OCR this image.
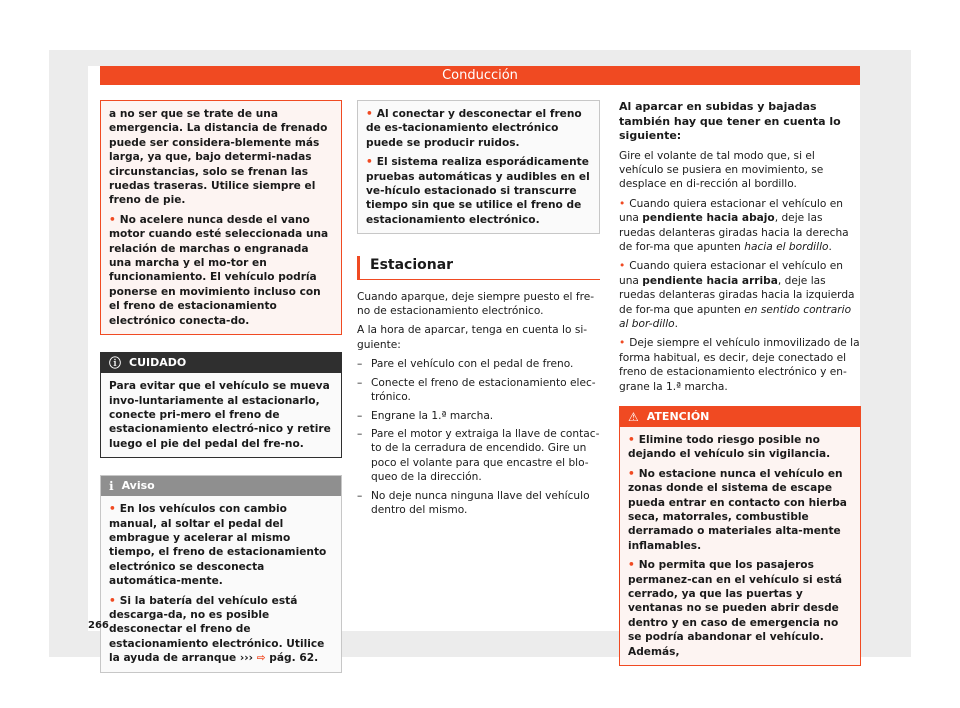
Conducción

a no ser que se trate de una emergencia. La distancia de frenado puede ser considera-blemente más larga, ya que, bajo determi-nadas circunstancias, solo se frenan las ruedas traseras. Utilice siempre el freno de pie.

• No acelere nunca desde el vano motor cuando esté seleccionada una relación de marchas o engranada una marcha y el mo-tor en funcionamiento. El vehículo podría ponerse en movimiento incluso con el freno de estacionamiento electrónico conecta-do.

ⓘ CUIDADO
Para evitar que el vehículo se mueva invo-luntariamente al estacionarlo, conecte pri-mero el freno de estacionamiento electró-nico y retire luego el pie del pedal del fre-no.
ℹ Aviso

• En los vehículos con cambio manual, al soltar el pedal del embrague y acelerar al mismo tiempo, el freno de estacionamiento electrónico se desconecta automática-mente.

• Si la batería del vehículo está descarga-da, no es posible desconectar el freno de estacionamiento electrónico. Utilice la ayuda de arranque ››› ⇨ pág. 62.

• Al conectar y desconectar el freno de es-tacionamiento electrónico puede se producir ruidos.

• El sistema realiza esporádicamente pruebas automáticas y audibles en el ve-hículo estacionado si transcurre tiempo sin que se utilice el freno de estacionamiento electrónico.

Estacionar

Cuando aparque, deje siempre puesto el fre-no de estacionamiento electrónico.

A la hora de aparcar, tenga en cuenta lo si-guiente:

– Pare el vehículo con el pedal de freno.
– Conecte el freno de estacionamiento elec-trónico.
– Engrane la 1.ª marcha.
– Pare el motor y extraiga la llave de contac-to de la cerradura de encendido. Gire un poco el volante para que encastre el blo-queo de la dirección.
– No deje nunca ninguna llave del vehículo dentro del mismo.
Al aparcar en subidas y bajadas también hay que tener en cuenta lo siguiente:

Gire el volante de tal modo que, si el vehículo se pusiera en movimiento, se desplace en di-rección al bordillo.

• Cuando quiera estacionar el vehículo en una pendiente hacia abajo, deje las ruedas delanteras giradas hacia la derecha de for-ma que apunten hacia el bordillo.

• Cuando quiera estacionar el vehículo en una pendiente hacia arriba, deje las ruedas delanteras giradas hacia la izquierda de for-ma que apunten en sentido contrario al bor-dillo.

• Deje siempre el vehículo inmovilizado de la forma habitual, es decir, deje conectado el freno de estacionamiento electrónico y en-grane la 1.ª marcha.

⚠ ATENCIÓN

• Elimine todo riesgo posible no dejando el vehículo sin vigilancia.

• No estacione nunca el vehículo en zonas donde el sistema de escape pueda entrar en contacto con hierba seca, matorrales, combustible derramado o materiales alta-mente inflamables.

• No permita que los pasajeros permanez-can en el vehículo si está cerrado, ya que las puertas y ventanas no se pueden abrir desde dentro y en caso de emergencia no se podría abandonar el vehículo. Además,

266
